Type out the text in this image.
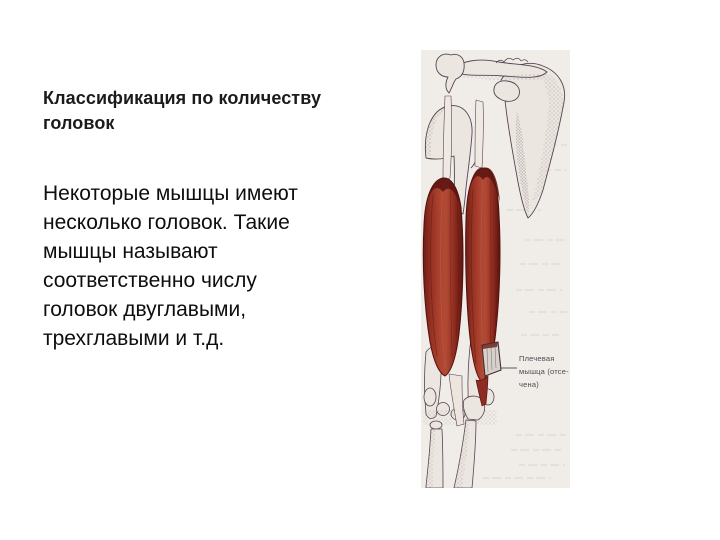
Классификация по количеству
головок
Некоторые мышцы имеют
несколько головок. Такие
мышцы называют
соответственно числу
головок двуглавыми,
трехглавыми и т.д.
Плечевая
мышца (отсе-
чена)
